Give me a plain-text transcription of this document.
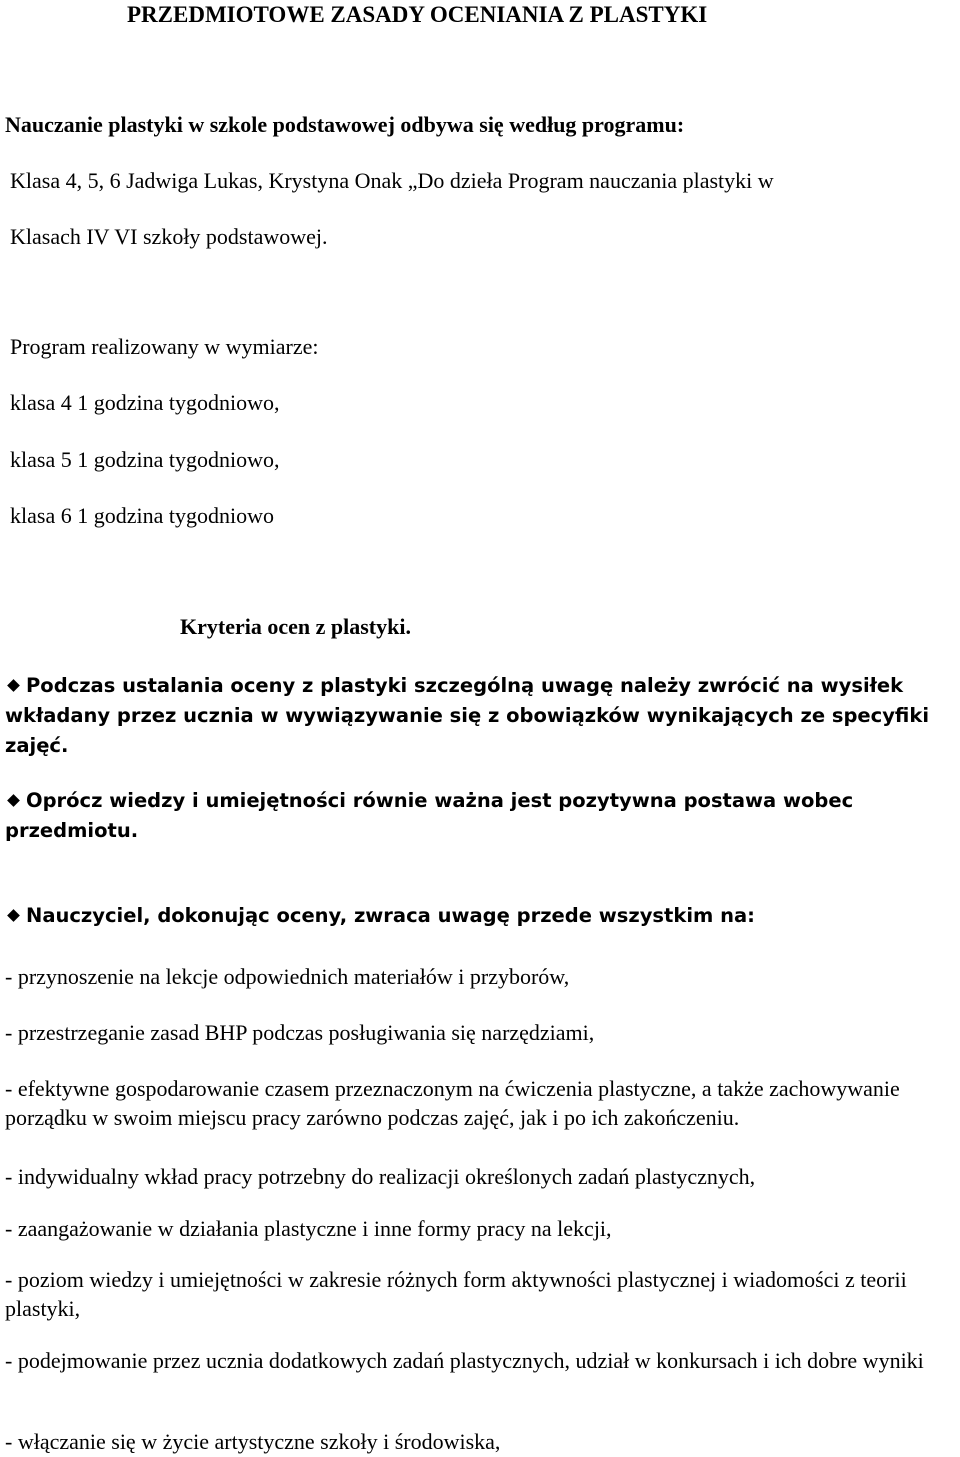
PRZEDMIOTOWE ZASADY OCENIANIA Z PLASTYKI

Nauczanie plastyki w szkole podstawowej odbywa się według programu:

Klasa 4, 5, 6 Jadwiga Lukas, Krystyna Onak „Do dzieła Program nauczania plastyki w

Klasach IV VI szkoły podstawowej.

Program realizowany w wymiarze:

klasa 4 1 godzina tygodniowo,

klasa 5 1 godzina tygodniowo,

klasa 6 1 godzina tygodniowo

Kryteria ocen z plastyki.

Podczas ustalania oceny z plastyki szczególną uwagę należy zwrócić na wysiłek wkładany przez ucznia w wywiązywanie się z obowiązków wynikających ze specyfiki zajęć.
Oprócz wiedzy i umiejętności równie ważna jest pozytywna postawa wobec przedmiotu.
Nauczyciel, dokonując oceny, zwraca uwagę przede wszystkim na:

- przynoszenie na lekcje odpowiednich materiałów i przyborów,

- przestrzeganie zasad BHP podczas posługiwania się narzędziami,

- efektywne gospodarowanie czasem przeznaczonym na ćwiczenia plastyczne, a także zachowywanie porządku w swoim miejscu pracy zarówno podczas zajęć, jak i po ich zakończeniu.

- indywidualny wkład pracy potrzebny do realizacji określonych zadań plastycznych,

- zaangażowanie w działania plastyczne i inne formy pracy na lekcji,

- poziom wiedzy i umiejętności w zakresie różnych form aktywności plastycznej i wiadomości z teorii plastyki,

- podejmowanie przez ucznia dodatkowych zadań plastycznych, udział w konkursach i ich dobre wyniki

- włączanie się w życie artystyczne szkoły i środowiska,
